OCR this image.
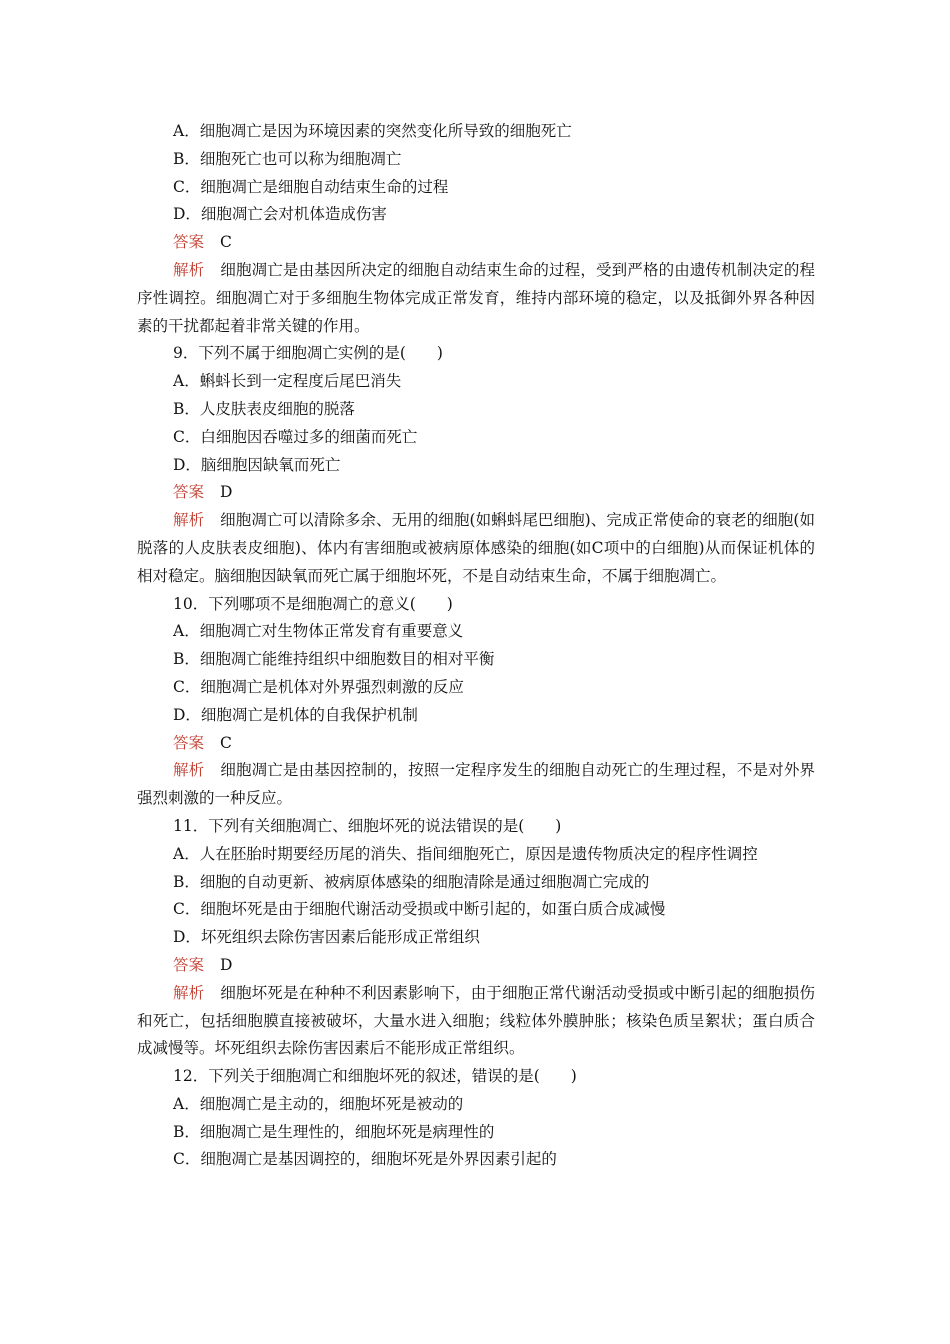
A．细胞凋亡是因为环境因素的突然变化所导致的细胞死亡
B．细胞死亡也可以称为细胞凋亡
C．细胞凋亡是细胞自动结束生命的过程
D．细胞凋亡会对机体造成伤害
答案 C
解析 细胞凋亡是由基因所决定的细胞自动结束生命的过程，受到严格的由遗传机制决定的程序性调控。细胞凋亡对于多细胞生物体完成正常发育，维持内部环境的稳定，以及抵御外界各种因素的干扰都起着非常关键的作用。
9．下列不属于细胞凋亡实例的是(　　)
A．蝌蚪长到一定程度后尾巴消失
B．人皮肤表皮细胞的脱落
C．白细胞因吞噬过多的细菌而死亡
D．脑细胞因缺氧而死亡
答案 D
解析 细胞凋亡可以清除多余、无用的细胞(如蝌蚪尾巴细胞)、完成正常使命的衰老的细胞(如脱落的人皮肤表皮细胞)、体内有害细胞或被病原体感染的细胞(如C项中的白细胞)从而保证机体的相对稳定。脑细胞因缺氧而死亡属于细胞坏死，不是自动结束生命，不属于细胞凋亡。
10．下列哪项不是细胞凋亡的意义(　　)
A．细胞凋亡对生物体正常发育有重要意义
B．细胞凋亡能维持组织中细胞数目的相对平衡
C．细胞凋亡是机体对外界强烈刺激的反应
D．细胞凋亡是机体的自我保护机制
答案 C
解析 细胞凋亡是由基因控制的，按照一定程序发生的细胞自动死亡的生理过程，不是对外界强烈刺激的一种反应。
11．下列有关细胞凋亡、细胞坏死的说法错误的是(　　)
A．人在胚胎时期要经历尾的消失、指间细胞死亡，原因是遗传物质决定的程序性调控
B．细胞的自动更新、被病原体感染的细胞清除是通过细胞凋亡完成的
C．细胞坏死是由于细胞代谢活动受损或中断引起的，如蛋白质合成减慢
D．坏死组织去除伤害因素后能形成正常组织
答案 D
解析 细胞坏死是在种种不利因素影响下，由于细胞正常代谢活动受损或中断引起的细胞损伤和死亡，包括细胞膜直接被破坏，大量水进入细胞；线粒体外膜肿胀；核染色质呈絮状；蛋白质合成减慢等。坏死组织去除伤害因素后不能形成正常组织。
12．下列关于细胞凋亡和细胞坏死的叙述，错误的是(　　)
A．细胞凋亡是主动的，细胞坏死是被动的
B．细胞凋亡是生理性的，细胞坏死是病理性的
C．细胞凋亡是基因调控的，细胞坏死是外界因素引起的
